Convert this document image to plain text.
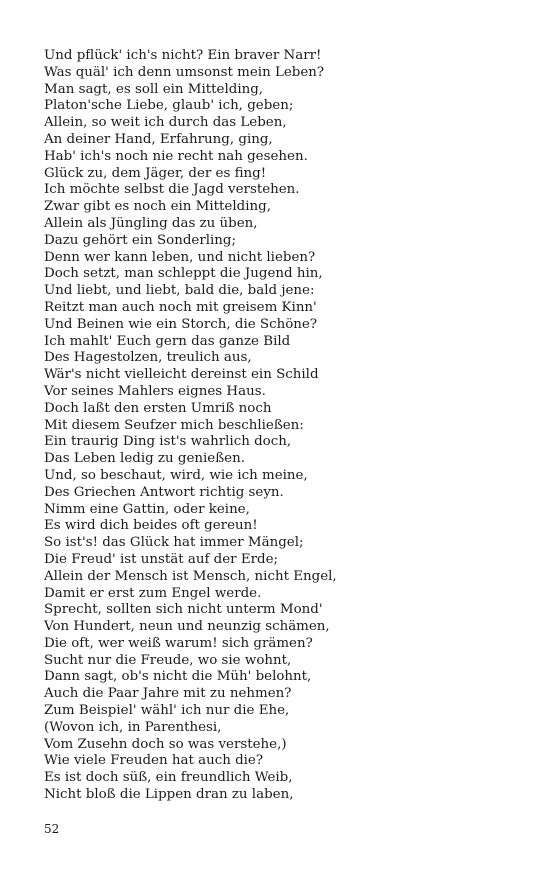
Und pflück' ich's nicht? Ein braver Narr!
Was quäl' ich denn umsonst mein Leben?
Man sagt, es soll ein Mittelding,
Platon'sche Liebe, glaub' ich, geben;
Allein, so weit ich durch das Leben,
An deiner Hand, Erfahrung, ging,
Hab' ich's noch nie recht nah gesehen.
Glück zu, dem Jäger, der es fing!
Ich möchte selbst die Jagd verstehen.
Zwar gibt es noch ein Mittelding,
Allein als Jüngling das zu üben,
Dazu gehört ein Sonderling;
Denn wer kann leben, und nicht lieben?
Doch setzt, man schleppt die Jugend hin,
Und liebt, und liebt, bald die, bald jene:
Reitzt man auch noch mit greisem Kinn'
Und Beinen wie ein Storch, die Schöne?
Ich mahlt' Euch gern das ganze Bild
Des Hagestolzen, treulich aus,
Wär's nicht vielleicht dereinst ein Schild
Vor seines Mahlers eignes Haus.
Doch laßt den ersten Umriß noch
Mit diesem Seufzer mich beschließen:
Ein traurig Ding ist's wahrlich doch,
Das Leben ledig zu genießen.
Und, so beschaut, wird, wie ich meine,
Des Griechen Antwort richtig seyn.
Nimm eine Gattin, oder keine,
Es wird dich beides oft gereun!
So ist's! das Glück hat immer Mängel;
Die Freud' ist unstät auf der Erde;
Allein der Mensch ist Mensch, nicht Engel,
Damit er erst zum Engel werde.
Sprecht, sollten sich nicht unterm Mond'
Von Hundert, neun und neunzig schämen,
Die oft, wer weiß warum! sich grämen?
Sucht nur die Freude, wo sie wohnt,
Dann sagt, ob's nicht die Müh' belohnt,
Auch die Paar Jahre mit zu nehmen?
Zum Beispiel' wähl' ich nur die Ehe,
(Wovon ich, in Parenthesi,
Vom Zusehn doch so was verstehe,)
Wie viele Freuden hat auch die?
Es ist doch süß, ein freundlich Weib,
Nicht bloß die Lippen dran zu laben,
52
